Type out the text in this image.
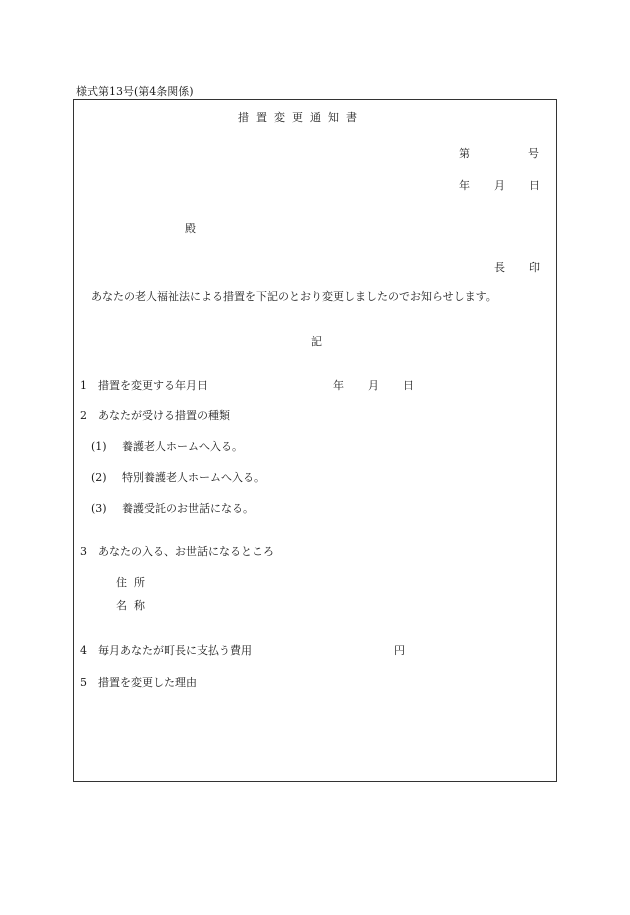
様式第13号(第4条関係)
措置変更通知書
第	号
年 月 日
殿
長 印
あなたの老人福祉法による措置を下記のとおり変更しましたのでお知らせします。
記
1 措置を変更する年月日	年 月 日
2 あなたが受ける措置の種類
(1) 養護老人ホームへ入る。
(2) 特別養護老人ホームへ入る。
(3) 養護受託のお世話になる。
3 あなたの入る、お世話になるところ
住所
名称
4 毎月あなたが町長に支払う費用	円
5 措置を変更した理由
